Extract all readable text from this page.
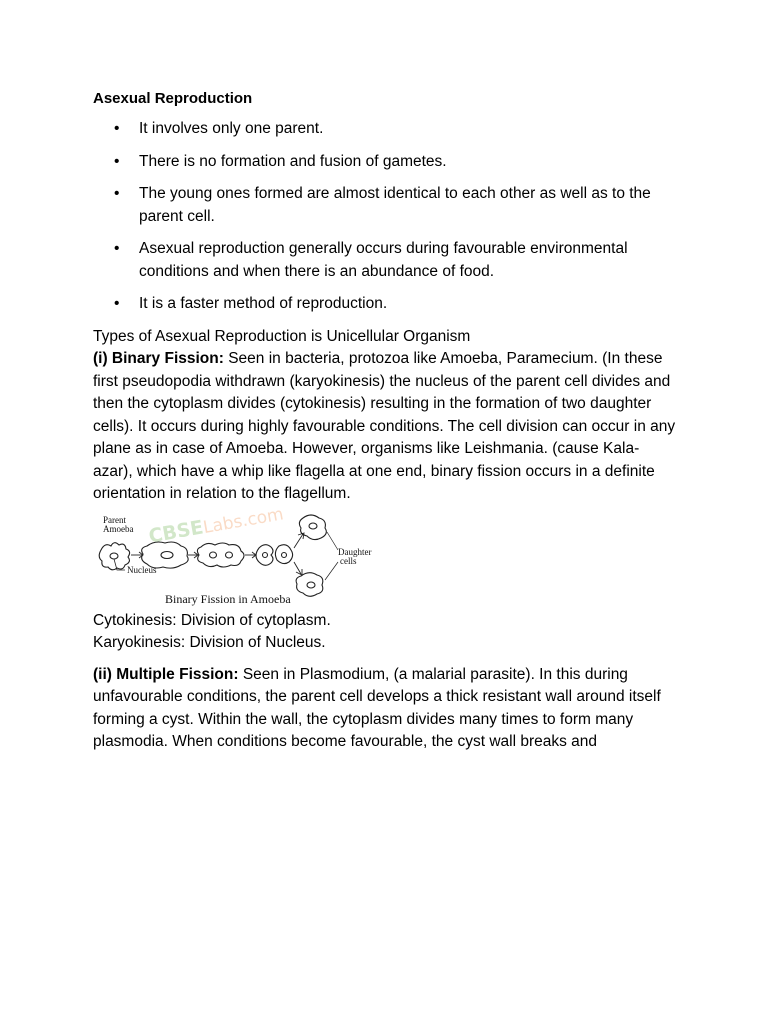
Asexual Reproduction
• It involves only one parent.
• There is no formation and fusion of gametes.
• The young ones formed are almost identical to each other as well as to the parent cell.
• Asexual reproduction generally occurs during favourable environmental conditions and when there is an abundance of food.
• It is a faster method of reproduction.

Types of Asexual Reproduction is Unicellular Organism

(i) Binary Fission: Seen in bacteria, protozoa like Amoeba, Paramecium. (In these first pseudopodia withdrawn (karyokinesis) the nucleus of the parent cell divides and then the cytoplasm divides (cytokinesis) resulting in the formation of two daughter cells). It occurs during highly favourable conditions. The cell division can occur in any plane as in case of Amoeba. However, organisms like Leishmania. (cause Kala-azar), which have a whip like flagella at one end, binary fission occurs in a definite orientation in relation to the flagellum.

CBSELabs.com
Parent
Amoeba
Nucleus
Daughter
cells
Binary Fission in Amoeba

Cytokinesis: Division of cytoplasm.

Karyokinesis: Division of Nucleus.

(ii) Multiple Fission: Seen in Plasmodium, (a malarial parasite). In this during unfavourable conditions, the parent cell develops a thick resistant wall around itself forming a cyst. Within the wall, the cytoplasm divides many times to form many plasmodia. When conditions become favourable, the cyst wall breaks and
